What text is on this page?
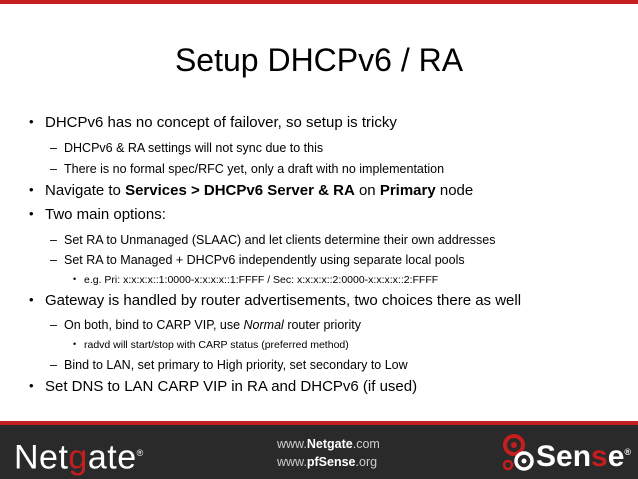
Setup DHCPv6 / RA
• DHCPv6 has no concept of failover, so setup is tricky
– DHCPv6 & RA settings will not sync due to this
– There is no formal spec/RFC yet, only a draft with no implementation
• Navigate to Services > DHCPv6 Server & RA on Primary node
• Two main options:
– Set RA to Unmanaged (SLAAC) and let clients determine their own addresses
– Set RA to Managed + DHCPv6 independently using separate local pools
• e.g. Pri: x:x:x:x::1:0000-x:x:x:x::1:FFFF / Sec: x:x:x:x::2:0000-x:x:x:x::2:FFFF
• Gateway is handled by router advertisements, two choices there as well
– On both, bind to CARP VIP, use Normal router priority
• radvd will start/stop with CARP status (preferred method)
– Bind to LAN, set primary to High priority, set secondary to Low
• Set DNS to LAN CARP VIP in RA and DHCPv6 (if used)
Netgate®
www.Netgate.com
www.pfSense.org	Sense®
